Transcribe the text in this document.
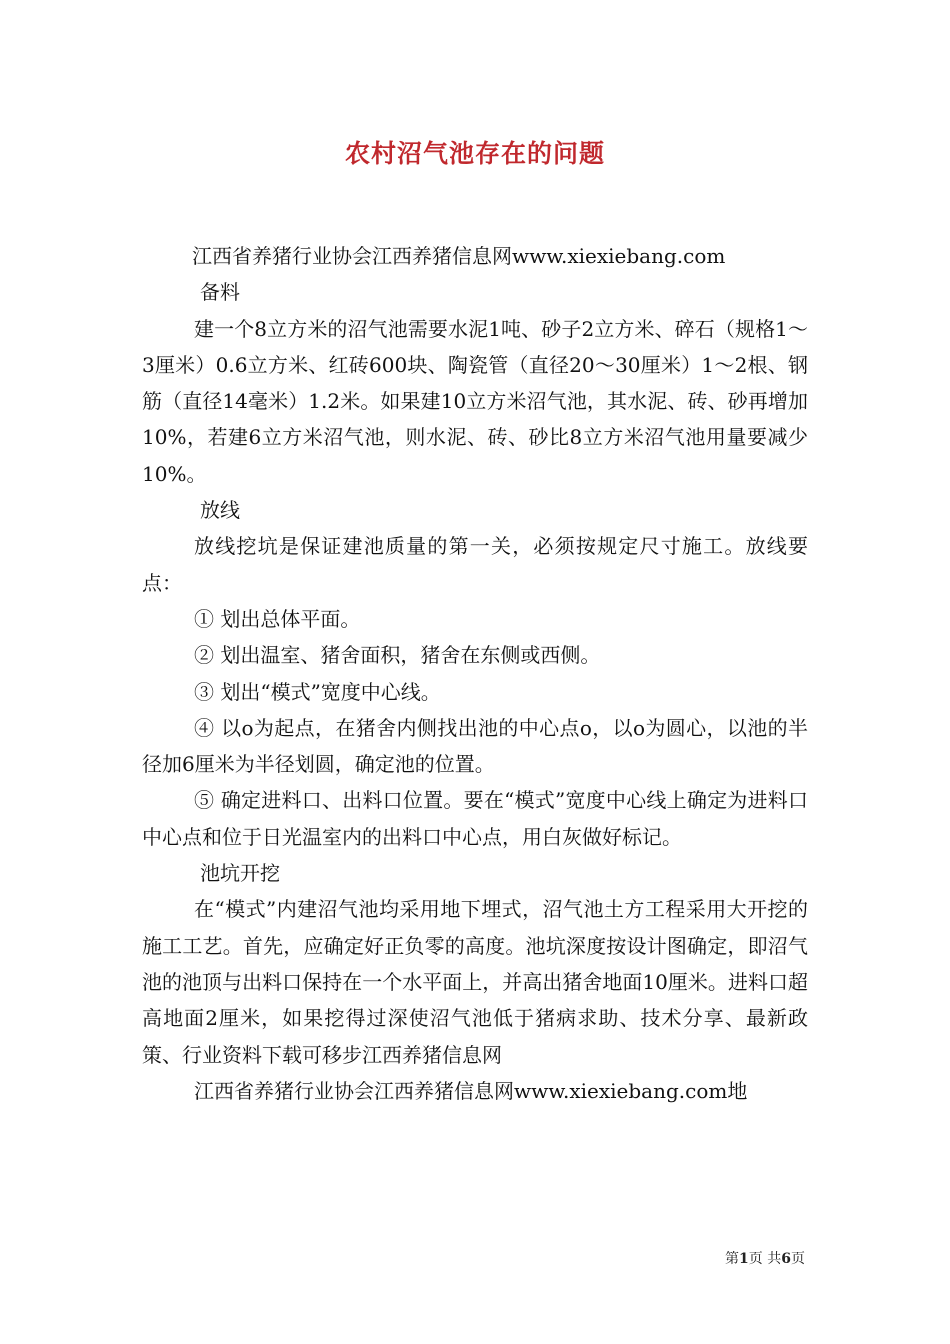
农村沼气池存在的问题

江西省养猪行业协会江西养猪信息网www.xiexiebang.com

备料

建一个8立方米的沼气池需要水泥1吨、砂子2立方米、碎石（规格1～3厘米）0.6立方米、红砖600块、陶瓷管（直径20～30厘米）1～2根、钢筋（直径14毫米）1.2米。如果建10立方米沼气池，其水泥、砖、砂再增加10%，若建6立方米沼气池，则水泥、砖、砂比8立方米沼气池用量要减少10%。

放线

放线挖坑是保证建池质量的第一关，必须按规定尺寸施工。放线要点：

① 划出总体平面。

② 划出温室、猪舍面积，猪舍在东侧或西侧。

③ 划出“模式”宽度中心线。

④ 以o为起点，在猪舍内侧找出池的中心点o，以o为圆心，以池的半径加6厘米为半径划圆，确定池的位置。

⑤ 确定进料口、出料口位置。要在“模式”宽度中心线上确定为进料口中心点和位于日光温室内的出料口中心点，用白灰做好标记。

池坑开挖

在“模式”内建沼气池均采用地下埋式，沼气池土方工程采用大开挖的施工工艺。首先，应确定好正负零的高度。池坑深度按设计图确定，即沼气池的池顶与出料口保持在一个水平面上，并高出猪舍地面10厘米。进料口超高地面2厘米，如果挖得过深使沼气池低于猪病求助、技术分享、最新政策、行业资料下载可移步江西养猪信息网

江西省养猪行业协会江西养猪信息网www.xiexiebang.com地

第1页 共6页
